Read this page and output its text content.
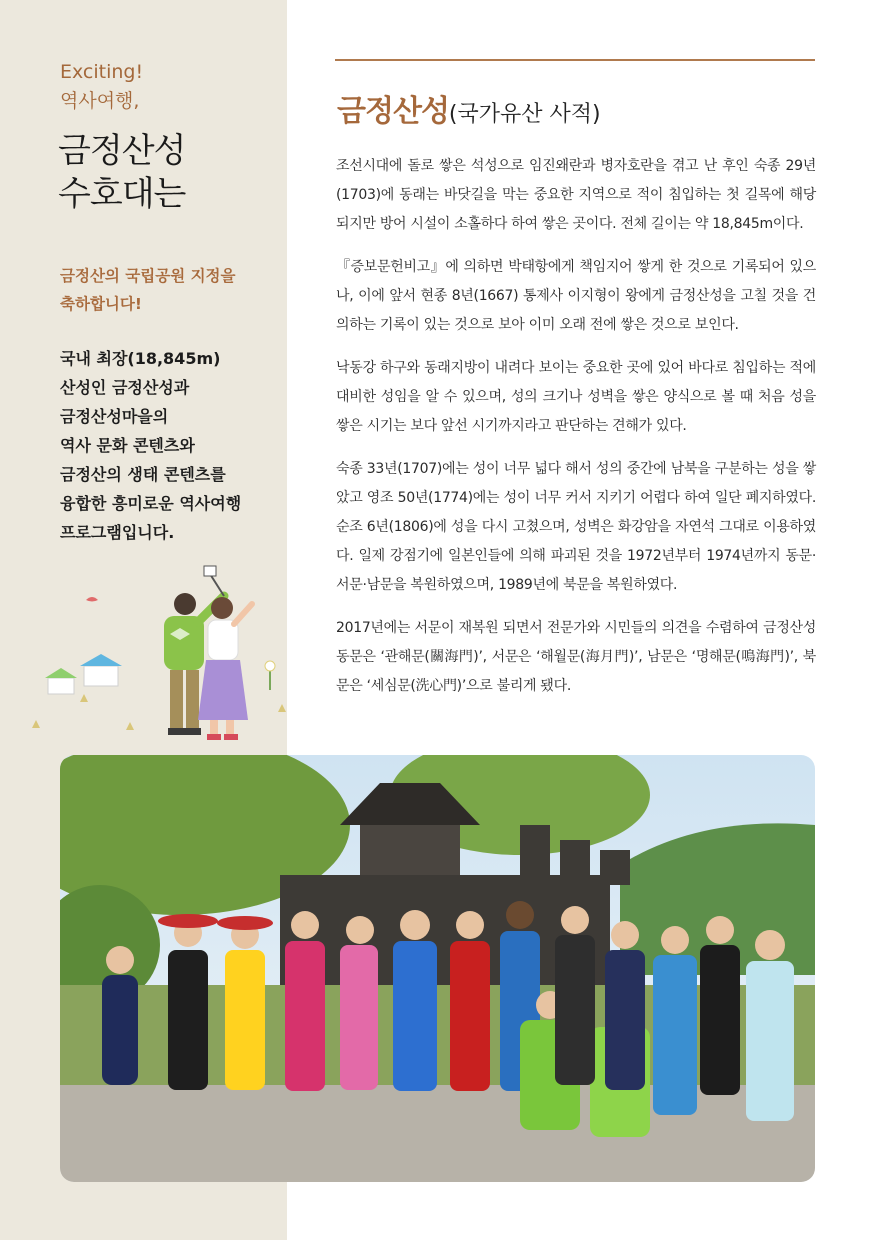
Exciting!
역사여행,
금정산성
수호대는
금정산의 국립공원 지정을
축하합니다!
국내 최장(18,845m)
산성인 금정산성과
금정산성마을의
역사 문화 콘텐츠와
금정산의 생태 콘텐츠를
융합한 흥미로운 역사여행
프로그램입니다.
금정산성(국가유산 사적)

조선시대에 돌로 쌓은 석성으로 임진왜란과 병자호란을 겪고 난 후인 숙종 29년(1703)에 동래는 바닷길을 막는 중요한 지역으로 적이 침입하는 첫 길목에 해당되지만 방어 시설이 소홀하다 하여 쌓은 곳이다. 전체 길이는 약 18,845m이다.

『증보문헌비고』에 의하면 박태항에게 책임지어 쌓게 한 것으로 기록되어 있으나, 이에 앞서 현종 8년(1667) 통제사 이지형이 왕에게 금정산성을 고칠 것을 건의하는 기록이 있는 것으로 보아 이미 오래 전에 쌓은 것으로 보인다.

낙동강 하구와 동래지방이 내려다 보이는 중요한 곳에 있어 바다로 침입하는 적에 대비한 성임을 알 수 있으며, 성의 크기나 성벽을 쌓은 양식으로 볼 때 처음 성을 쌓은 시기는 보다 앞선 시기까지라고 판단하는 견해가 있다.

숙종 33년(1707)에는 성이 너무 넓다 해서 성의 중간에 남북을 구분하는 성을 쌓았고 영조 50년(1774)에는 성이 너무 커서 지키기 어렵다 하여 일단 폐지하였다. 순조 6년(1806)에 성을 다시 고쳤으며, 성벽은 화강암을 자연석 그대로 이용하였다. 일제 강점기에 일본인들에 의해 파괴된 것을 1972년부터 1974년까지 동문·서문·남문을 복원하였으며, 1989년에 북문을 복원하였다.

2017년에는 서문이 재복원 되면서 전문가와 시민들의 의견을 수렴하여 금정산성 동문은 ‘관해문(關海門)’, 서문은 ‘해월문(海月門)’, 남문은 ‘명해문(鳴海門)’, 북문은 ‘세심문(洗心門)’으로 불리게 됐다.
